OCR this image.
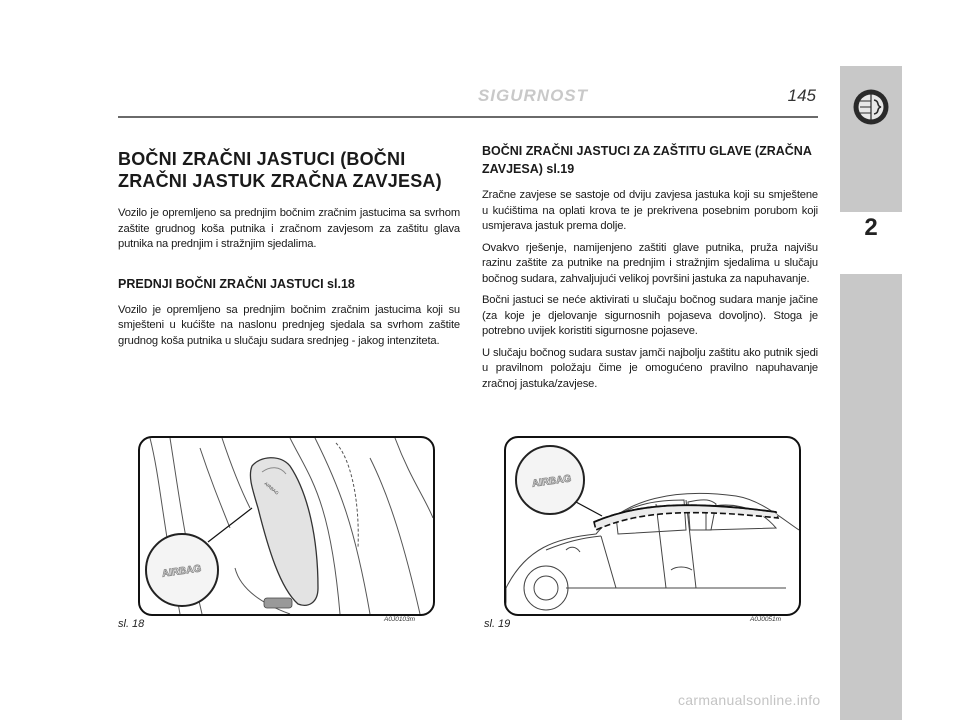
SIGURNOST	145
2
BOČNI ZRAČNI JASTUCI (BOČNI ZRAČNI JASTUK ZRAČNA ZAVJESA)

Vozilo je opremljeno sa prednjim bočnim zračnim jastucima sa svrhom zaštite grudnog koša putnika i zračnom zavjesom za zaštitu glava putnika na prednjim i stražnjim sjedalima.

PREDNJI BOČNI ZRAČNI JASTUCI sl.18

Vozilo je opremljeno sa prednjim bočnim zračnim jastucima koji su smješteni u kućište na naslonu prednjeg sjedala sa svrhom zaštite grudnog koša putnika u slučaju sudara srednjeg - jakog intenziteta.

BOČNI ZRAČNI JASTUCI ZA ZAŠTITU GLAVE (ZRAČNA ZAVJESA) sl.19

Zračne zavjese se sastoje od dviju zavjesa jastuka koji su smještene u kućištima na oplati krova te je prekrivena posebnim porubom koji usmjerava jastuk prema dolje.

Ovakvo rješenje, namijenjeno zaštiti glave putnika, pruža najvišu razinu zaštite za putnike na prednjim i stražnjim sjedalima u slučaju bočnog sudara, zahvaljujući velikoj površini jastuka za napuhavanje.

Bočni jastuci se neće aktivirati u slučaju bočnog sudara manje jačine (za koje je djelovanje sigurnosnih pojaseva dovoljno). Stoga je potrebno uvijek koristiti sigurnosne pojaseve.

U slučaju bočnog sudara sustav jamči najbolju zaštitu ako putnik sjedi u pravilnom položaju čime je omogućeno pravilno napuhavanje zračnoj jastuka/zavjese.

AIRBAG
AIRBAG
sl. 18	A0J0103m
AIRBAG
sl. 19	A0J0051m
carmanualsonline.info
